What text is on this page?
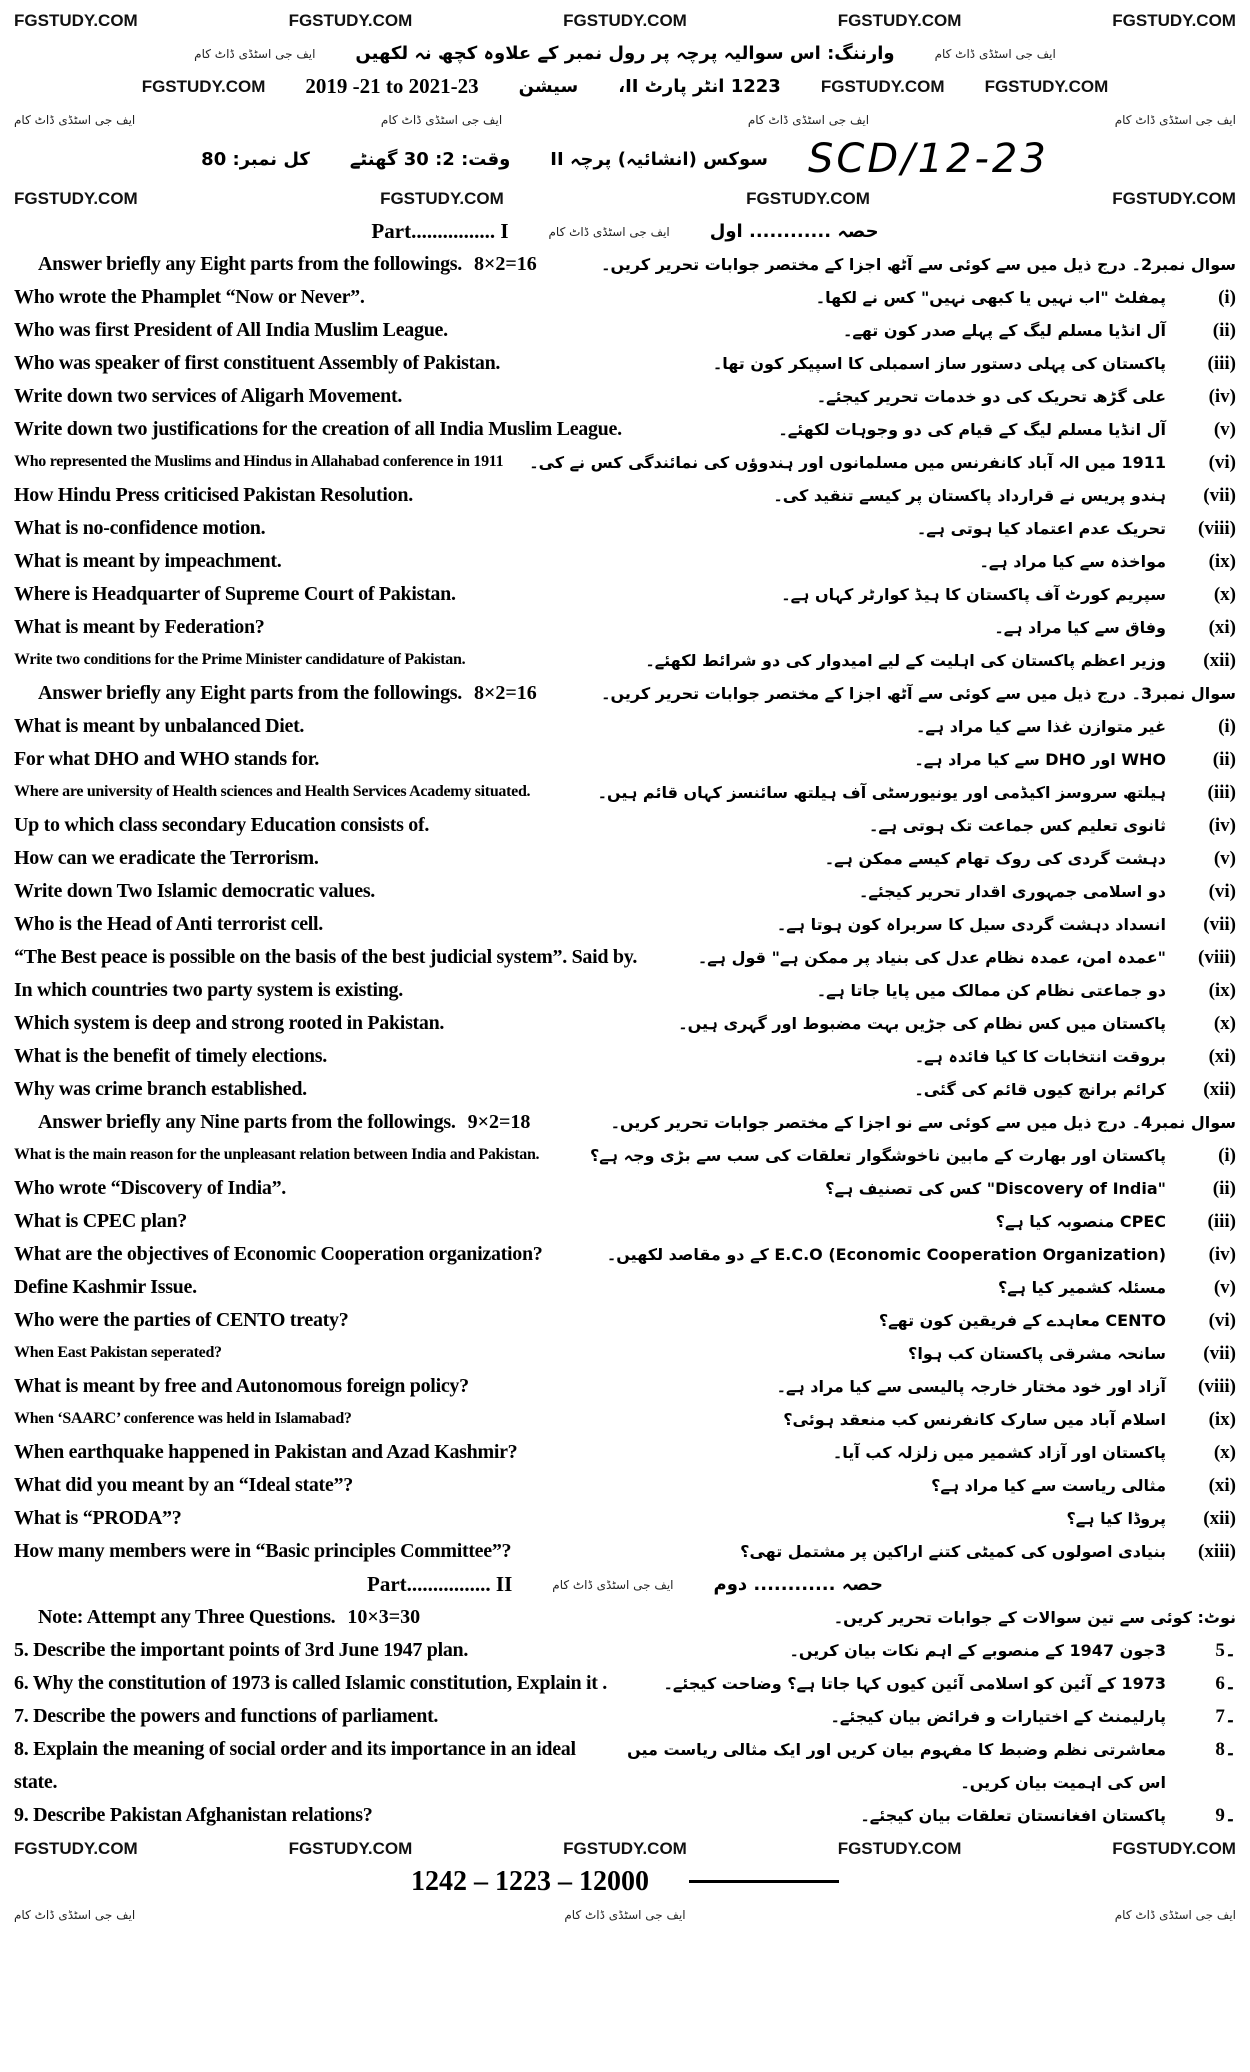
FGSTUDY.COM	FGSTUDY.COM	FGSTUDY.COM	FGSTUDY.COM	FGSTUDY.COM
ایف جی اسٹڈی ڈاٹ کام وارننگ: اس سوالیہ پرچہ پر رول نمبر کے علاوہ کچھ نہ لکھیں	ایف جی اسٹڈی ڈاٹ کام
FGSTUDY.COM 2019 -21 to 2021-23 سیشن 1223 انٹر پارٹ II، FGSTUDY.COM FGSTUDY.COM
ایف جی اسٹڈی ڈاٹ کام	ایف جی اسٹڈی ڈاٹ کام	ایف جی اسٹڈی ڈاٹ کام	ایف جی اسٹڈی ڈاٹ کام
کل نمبر: 80 وقت: 2: 30 گھنٹے سوکس (انشائیہ) پرچہ II SCD/12-23
FGSTUDY.COM	FGSTUDY.COM	FGSTUDY.COM	FGSTUDY.COM
Part................ I	ایف جی اسٹڈی ڈاٹ کام حصہ ............ اول
Answer briefly any Eight parts from the followings. 8×2=16	سوال نمبر2۔ درج ذیل میں سے کوئی سے آٹھ اجزا کے مختصر جوابات تحریر کریں۔
Who wrote the Phamplet “Now or Never”.	پمفلٹ "اب نہیں یا کبھی نہیں" کس نے لکھا۔	(i)
Who was first President of All India Muslim League.	آل انڈیا مسلم لیگ کے پہلے صدر کون تھے۔	(ii)
Who was speaker of first constituent Assembly of Pakistan.	پاکستان کی پہلی دستور ساز اسمبلی کا اسپیکر کون تھا۔	(iii)
Write down two services of Aligarh Movement.	علی گڑھ تحریک کی دو خدمات تحریر کیجئے۔	(iv)
Write down two justifications for the creation of all India Muslim League.	آل انڈیا مسلم لیگ کے قیام کی دو وجوہات لکھئے۔	(v)
Who represented the Muslims and Hindus in Allahabad conference in 1911	1911 میں الہ آباد کانفرنس میں مسلمانوں اور ہندوؤں کی نمائندگی کس نے کی۔	(vi)
How Hindu Press criticised Pakistan Resolution.	ہندو پریس نے قرارداد پاکستان پر کیسے تنقید کی۔	(vii)
What is no-confidence motion.	تحریک عدم اعتماد کیا ہوتی ہے۔	(viii)
What is meant by impeachment.	مواخذہ سے کیا مراد ہے۔	(ix)
Where is Headquarter of Supreme Court of Pakistan.	سپریم کورٹ آف پاکستان کا ہیڈ کوارٹر کہاں ہے۔	(x)
What is meant by Federation?	وفاق سے کیا مراد ہے۔	(xi)
Write two conditions for the Prime Minister candidature of Pakistan.	وزیر اعظم پاکستان کی اہلیت کے لیے امیدوار کی دو شرائط لکھئے۔	(xii)
Answer briefly any Eight parts from the followings. 8×2=16	سوال نمبر3۔ درج ذیل میں سے کوئی سے آٹھ اجزا کے مختصر جوابات تحریر کریں۔
What is meant by unbalanced Diet.	غیر متوازن غذا سے کیا مراد ہے۔	(i)
For what DHO and WHO stands for.	WHO اور DHO سے کیا مراد ہے۔	(ii)
Where are university of Health sciences and Health Services Academy situated.	ہیلتھ سروسز اکیڈمی اور یونیورسٹی آف ہیلتھ سائنسز کہاں قائم ہیں۔	(iii)
Up to which class secondary Education consists of.	ثانوی تعلیم کس جماعت تک ہوتی ہے۔	(iv)
How can we eradicate the Terrorism.	دہشت گردی کی روک تھام کیسے ممکن ہے۔	(v)
Write down Two Islamic democratic values.	دو اسلامی جمہوری اقدار تحریر کیجئے۔	(vi)
Who is the Head of Anti terrorist cell.	انسداد دہشت گردی سیل کا سربراہ کون ہوتا ہے۔	(vii)
“The Best peace is possible on the basis of the best judicial system”. Said by.	"عمدہ امن، عمدہ نظام عدل کی بنیاد پر ممکن ہے" قول ہے۔	(viii)
In which countries two party system is existing.	دو جماعتی نظام کن ممالک میں پایا جاتا ہے۔	(ix)
Which system is deep and strong rooted in Pakistan.	پاکستان میں کس نظام کی جڑیں بہت مضبوط اور گہری ہیں۔	(x)
What is the benefit of timely elections.	بروقت انتخابات کا کیا فائدہ ہے۔	(xi)
Why was crime branch established.	کرائم برانچ کیوں قائم کی گئی۔	(xii)
Answer briefly any Nine parts from the followings. 9×2=18	سوال نمبر4۔ درج ذیل میں سے کوئی سے نو اجزا کے مختصر جوابات تحریر کریں۔
What is the main reason for the unpleasant relation between India and Pakistan.	پاکستان اور بھارت کے مابین ناخوشگوار تعلقات کی سب سے بڑی وجہ ہے؟	(i)
Who wrote “Discovery of India”.	"Discovery of India" کس کی تصنیف ہے؟	(ii)
What is CPEC plan?	CPEC منصوبہ کیا ہے؟	(iii)
What are the objectives of Economic Cooperation organization?	E.C.O (Economic Cooperation Organization) کے دو مقاصد لکھیں۔	(iv)
Define Kashmir Issue.	مسئلہ کشمیر کیا ہے؟	(v)
Who were the parties of CENTO treaty?	CENTO معاہدے کے فریقین کون تھے؟	(vi)
When East Pakistan seperated?	سانحہ مشرقی پاکستان کب ہوا؟	(vii)
What is meant by free and Autonomous foreign policy?	آزاد اور خود مختار خارجہ پالیسی سے کیا مراد ہے۔	(viii)
When ‘SAARC’ conference was held in Islamabad?	اسلام آباد میں سارک کانفرنس کب منعقد ہوئی؟	(ix)
When earthquake happened in Pakistan and Azad Kashmir?	پاکستان اور آزاد کشمیر میں زلزلہ کب آیا۔	(x)
What did you meant by an “Ideal state”?	مثالی ریاست سے کیا مراد ہے؟	(xi)
What is “PRODA”?	پروڈا کیا ہے؟	(xii)
How many members were in “Basic principles Committee”?	بنیادی اصولوں کی کمیٹی کتنے اراکین پر مشتمل تھی؟	(xiii)
Part................ II	ایف جی اسٹڈی ڈاٹ کام حصہ ............ دوم
Note: Attempt any Three Questions. 10×3=30	نوٹ: کوئی سے تین سوالات کے جوابات تحریر کریں۔
5. Describe the important points of 3rd June 1947 plan.	3جون 1947 کے منصوبے کے اہم نکات بیان کریں۔	5۔
6. Why the constitution of 1973 is called Islamic constitution, Explain it .	1973 کے آئین کو اسلامی آئین کیوں کہا جاتا ہے؟ وضاحت کیجئے۔	6۔
7. Describe the powers and functions of parliament.	پارلیمنٹ کے اختیارات و فرائض بیان کیجئے۔	7۔
8. Explain the meaning of social order and its importance in an ideal	معاشرتی نظم وضبط کا مفہوم بیان کریں اور ایک مثالی ریاست میں	8۔
state.	اس کی اہمیت بیان کریں۔
9. Describe Pakistan Afghanistan relations?	پاکستان افغانستان تعلقات بیان کیجئے۔	9۔
FGSTUDY.COM	FGSTUDY.COM	FGSTUDY.COM	FGSTUDY.COM	FGSTUDY.COM
1242 – 1223 – 12000
ایف جی اسٹڈی ڈاٹ کام	ایف جی اسٹڈی ڈاٹ کام	ایف جی اسٹڈی ڈاٹ کام
